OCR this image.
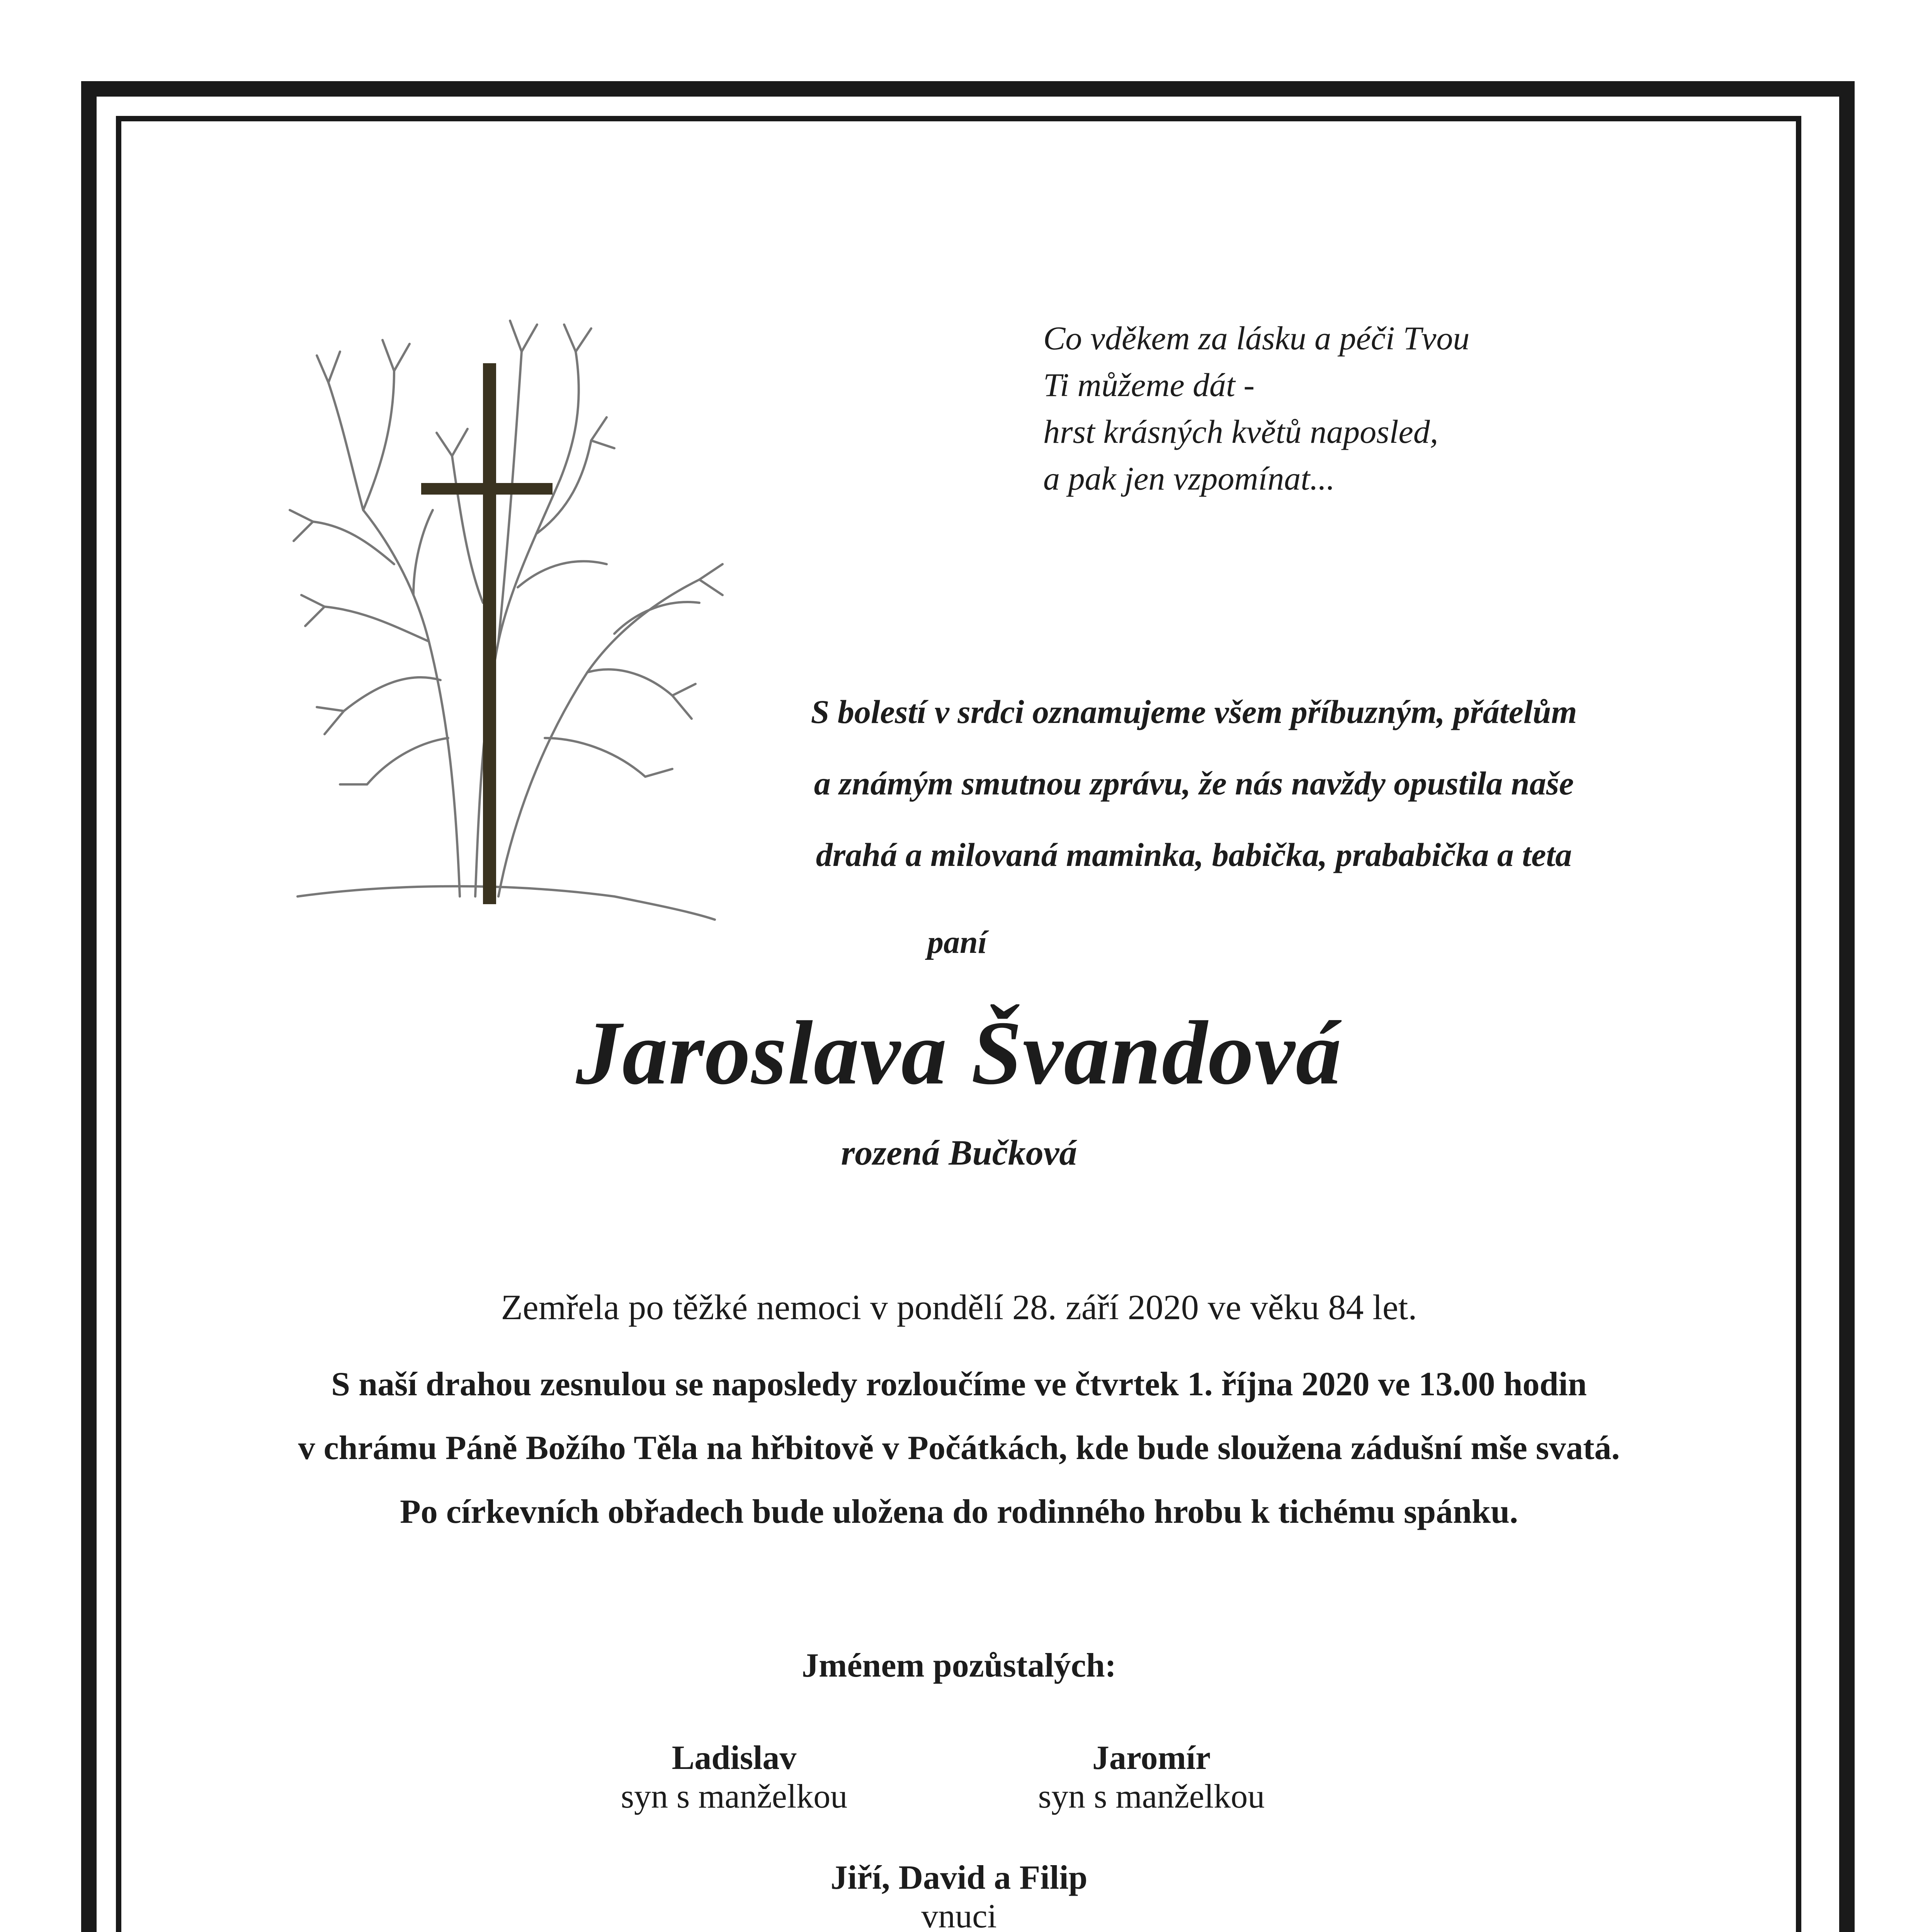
Co vděkem za lásku a péči Tvou
Ti můžeme dát -
hrst krásných květů naposled,
a pak jen vzpomínat...
S bolestí v srdci oznamujeme všem příbuzným, přátelům
a známým smutnou zprávu, že nás navždy opustila naše
drahá a milovaná maminka, babička, prababička a teta
paní
Jaroslava Švandová
rozená Bučková
Zemřela po těžké nemoci v pondělí 28. září 2020 ve věku 84 let.
S naší drahou zesnulou se naposledy rozloučíme ve čtvrtek 1. října 2020 ve 13.00 hodin
v chrámu Páně Božího Těla na hřbitově v Počátkách, kde bude sloužena zádušní mše svatá.
Po církevních obřadech bude uložena do rodinného hrobu k tichému spánku.
Jménem pozůstalých:
Ladislav
syn s manželkou
Jaromír
syn s manželkou
Jiří, David a Filip
vnuci
